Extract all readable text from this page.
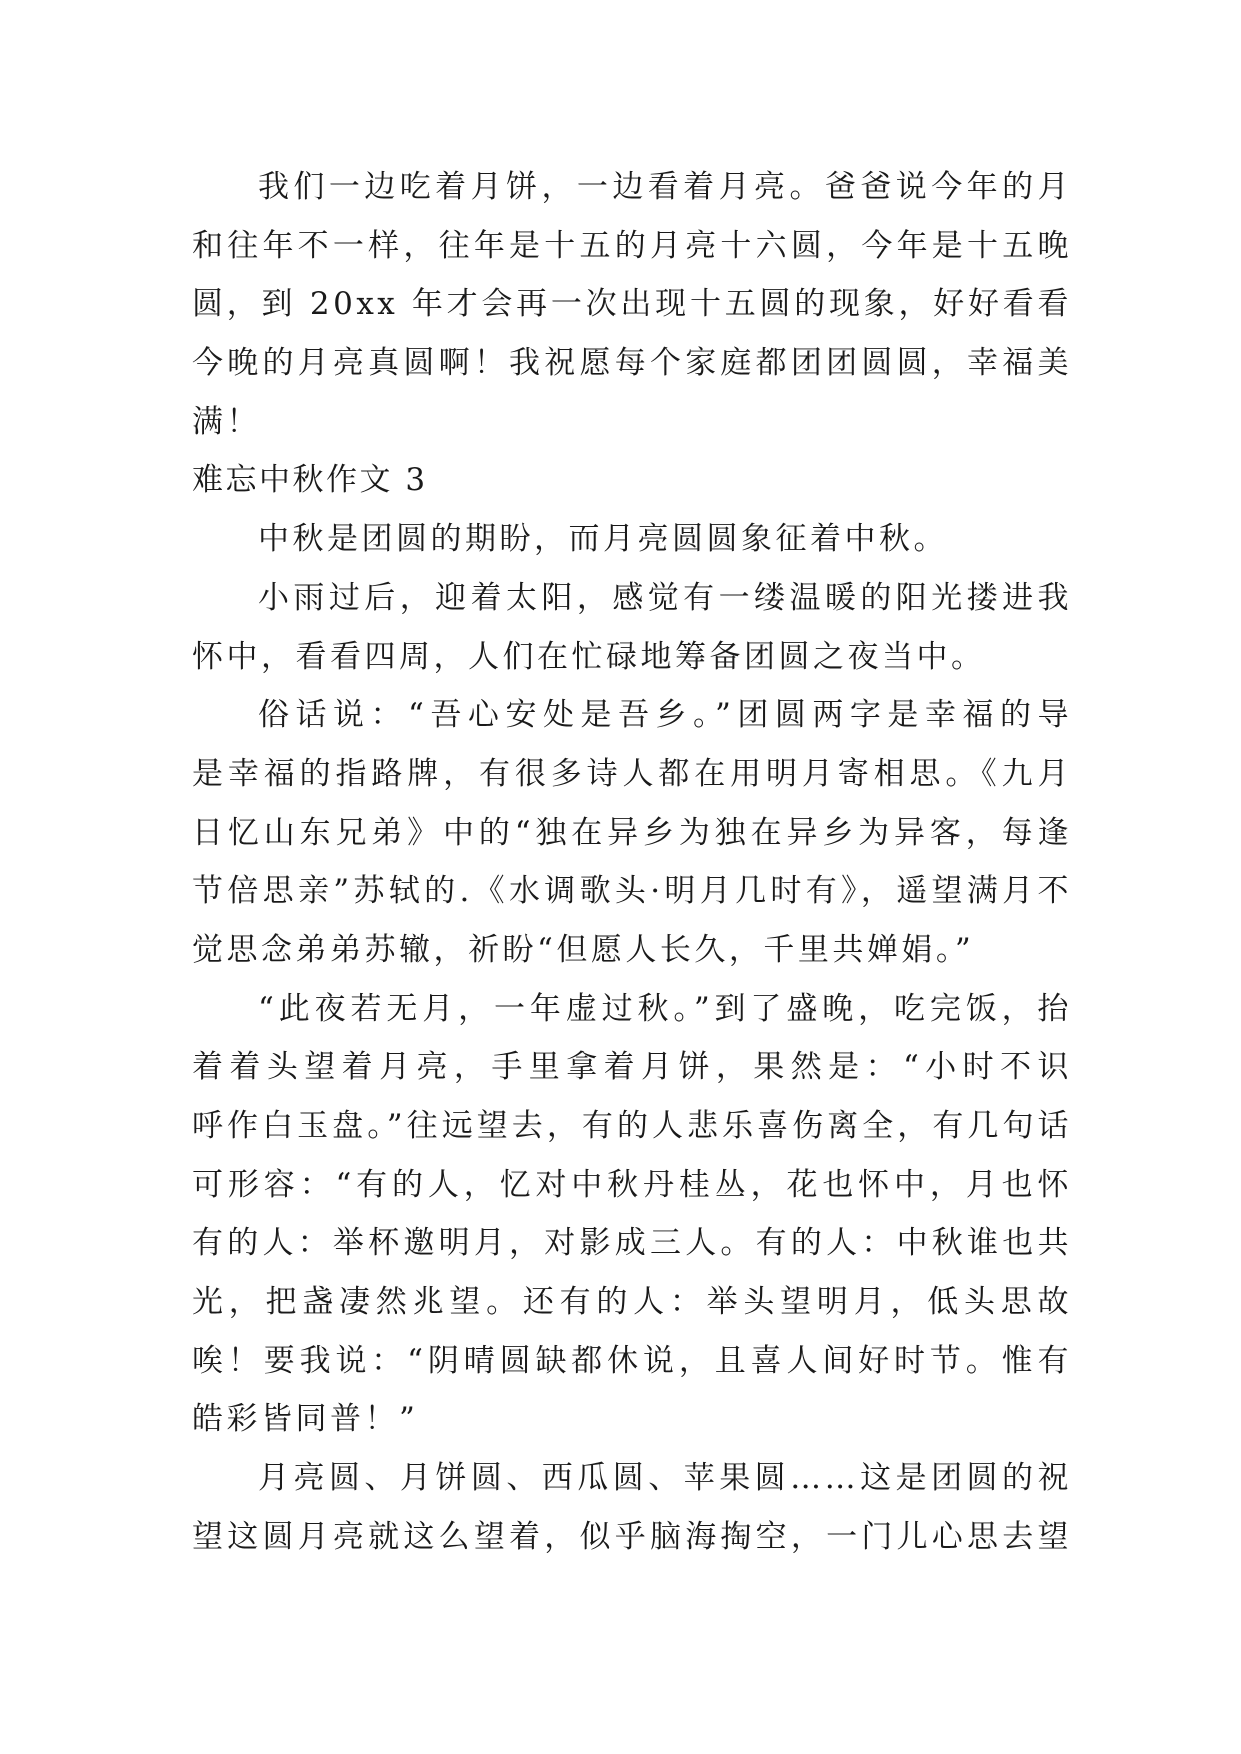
我们一边吃着月饼，一边看着月亮。爸爸说今年的月

和往年不一样，往年是十五的月亮十六圆，今年是十五晚

圆，到 20xx 年才会再一次出现十五圆的现象，好好看看

今晚的月亮真圆啊！我祝愿每个家庭都团团圆圆，幸福美

满！

难忘中秋作文 3

中秋是团圆的期盼，而月亮圆圆象征着中秋。

小雨过后，迎着太阳，感觉有一缕温暖的阳光搂进我

怀中，看看四周，人们在忙碌地筹备团圆之夜当中。

俗话说：“吾心安处是吾乡。”团圆两字是幸福的导

是幸福的指路牌，有很多诗人都在用明月寄相思。《九月

日忆山东兄弟》中的“独在异乡为独在异乡为异客，每逢

节倍思亲”苏轼的.《水调歌头·明月几时有》，遥望满月不

觉思念弟弟苏辙，祈盼“但愿人长久，千里共婵娟。”

“此夜若无月，一年虚过秋。”到了盛晚，吃完饭，抬

着着头望着月亮，手里拿着月饼，果然是：“小时不识

呼作白玉盘。”往远望去，有的人悲乐喜伤离全，有几句话

可形容：“有的人，忆对中秋丹桂丛，花也怀中，月也怀

有的人：举杯邀明月，对影成三人。有的人：中秋谁也共

光，把盏凄然兆望。还有的人：举头望明月，低头思故

唉！要我说：“阴晴圆缺都休说，且喜人间好时节。惟有

皓彩皆同普！”

月亮圆、月饼圆、西瓜圆、苹果圆……这是团圆的祝

望这圆月亮就这么望着，似乎脑海掏空，一门儿心思去望
